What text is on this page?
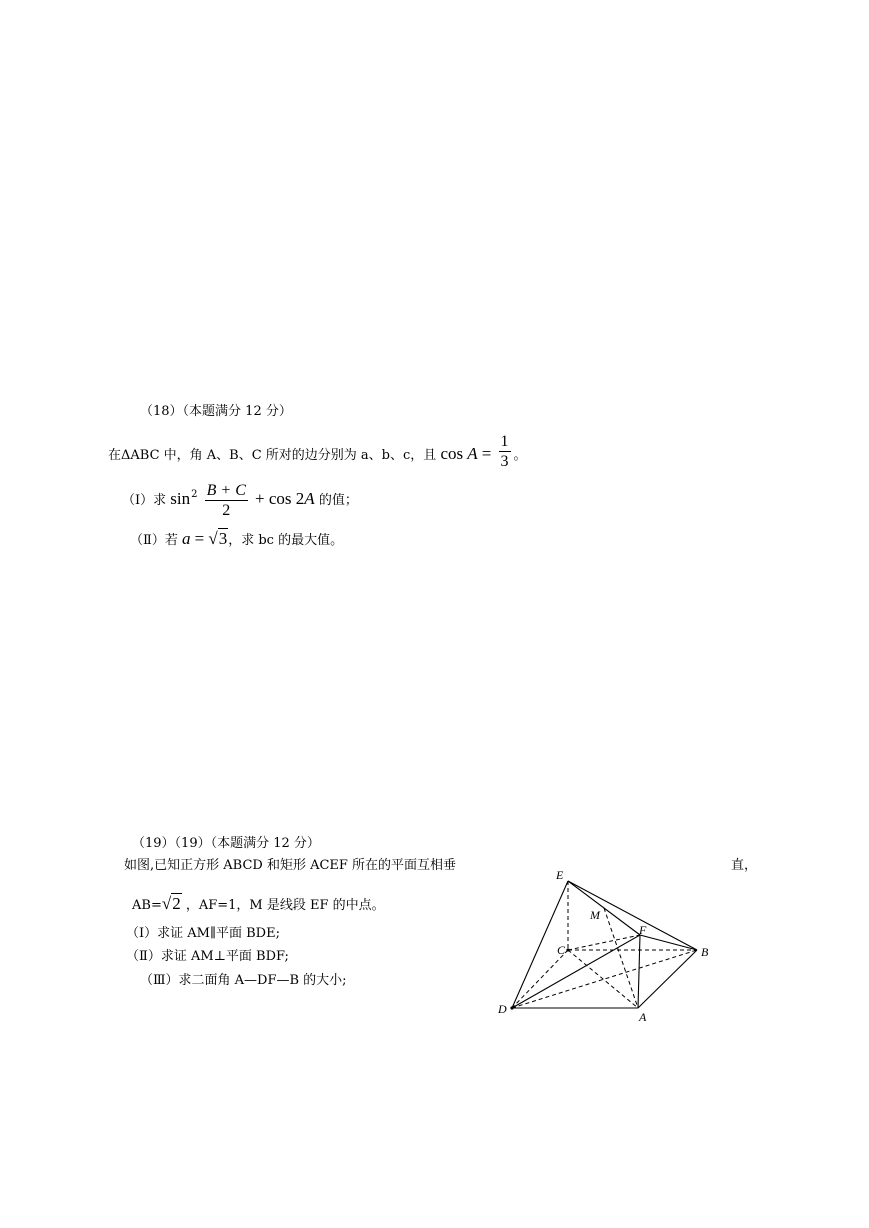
（18）（本题满分 12 分）
在ΔABC 中，角 A、B、C 所对的边分别为 a、b、c，且 $\cos A = \frac{1}{3}$ 。
（Ⅰ）求 $\sin^2 \frac{B + C}{2} + \cos 2A$ 的值；
（Ⅱ）若 a = √3，求 bc 的最大值。
（19）（19）（本题满分 12 分）
如图,已知正方形 ABCD 和矩形 ACEF 所在的平面互相垂	直，
AB=√2 ，AF=1，M 是线段 EF 的中点。
（Ⅰ）求证 AM∥平面 BDE;
（Ⅱ）求证 AM⊥平面 BDF;
（Ⅲ）求二面角 A—DF—B 的大小;
E
M
F
C	B
D
A
